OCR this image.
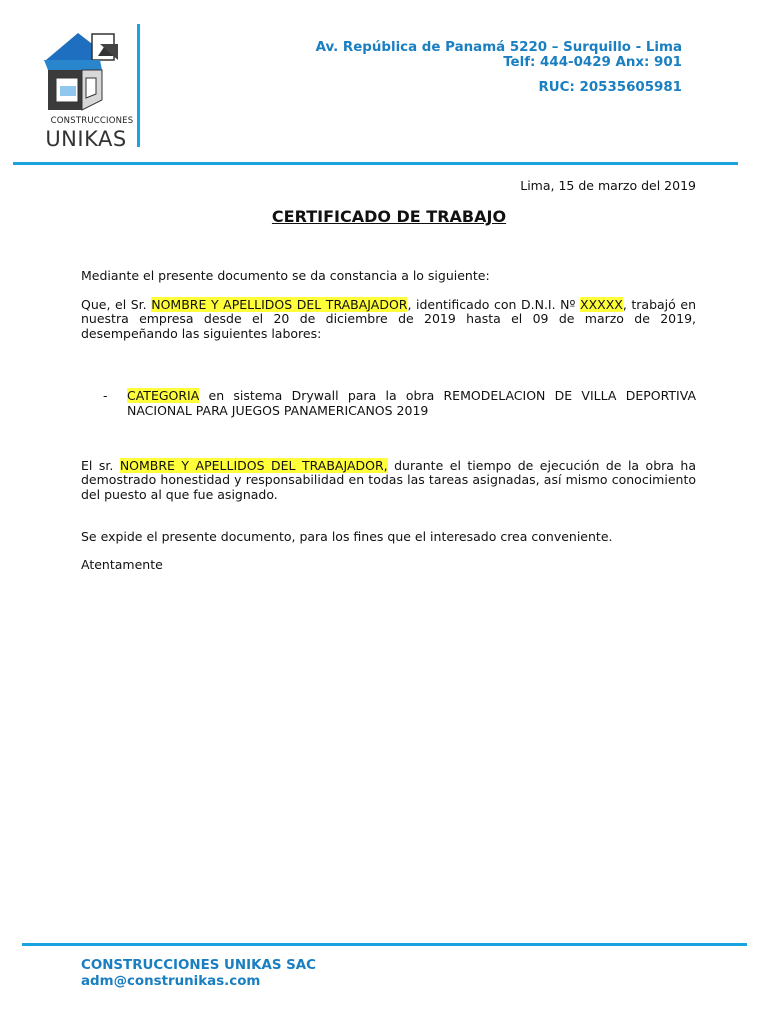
CONSTRUCCIONES
UNIKAS
Av. República de Panamá 5220 – Surquillo - Lima
Telf: 444-0429 Anx: 901
RUC: 20535605981
Lima, 15 de marzo del 2019
CERTIFICADO DE TRABAJO

Mediante el presente documento se da constancia a lo siguiente:

Que, el Sr. NOMBRE Y APELLIDOS DEL TRABAJADOR, identificado con D.N.I. Nº XXXXX, trabajó en nuestra empresa desde el 20 de diciembre de 2019 hasta el 09 de marzo de 2019, desempeñando las siguientes labores:

- CATEGORIA en sistema Drywall para la obra REMODELACION DE VILLA DEPORTIVA NACIONAL PARA JUEGOS PANAMERICANOS 2019

El sr. NOMBRE Y APELLIDOS DEL TRABAJADOR, durante el tiempo de ejecución de la obra ha demostrado honestidad y responsabilidad en todas las tareas asignadas, así mismo conocimiento del puesto al que fue asignado.

Se expide el presente documento, para los fines que el interesado crea conveniente.

Atentamente

CONSTRUCCIONES UNIKAS SAC
adm@construnikas.com
